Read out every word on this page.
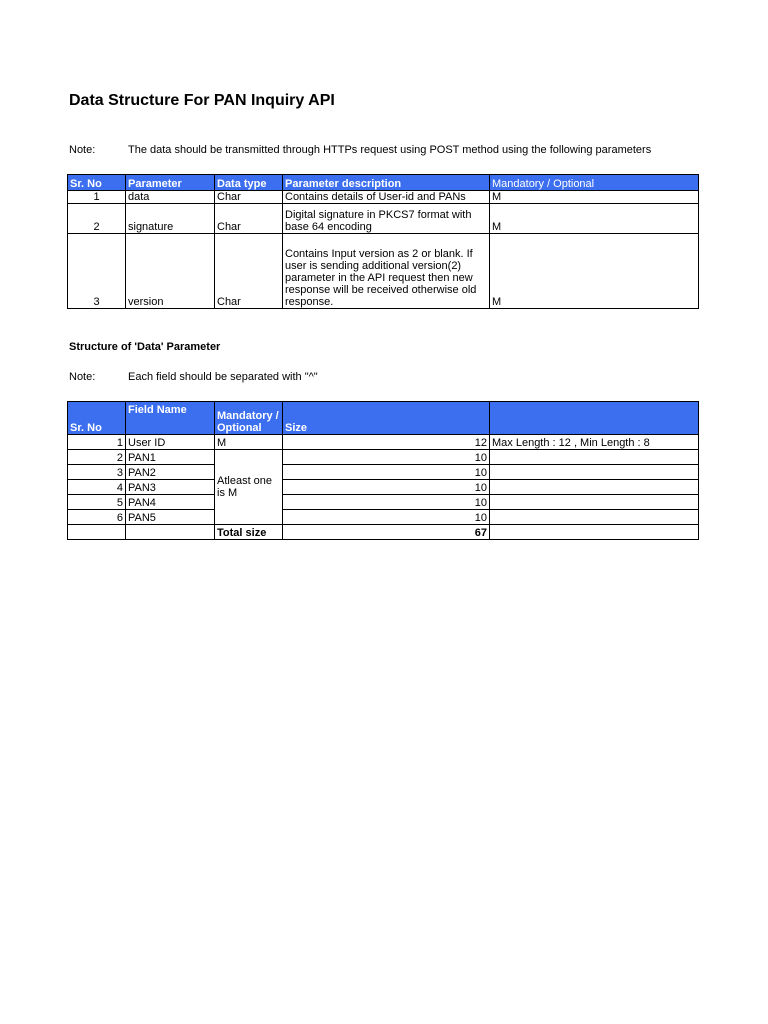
Data Structure For PAN Inquiry API
Note:	The data should be transmitted through HTTPs request using POST method using the following parameters
Sr. No	Parameter	Data type	Parameter description	Mandatory / Optional
1	data	Char	Contains details of User-id and PANs	M
2	signature	Char	Digital signature in PKCS7 format with base 64 encoding	M
3	version	Char	Contains Input version as 2 or blank. If user is sending additional version(2) parameter in the API request then new response will be received otherwise old response.	M
Structure of 'Data' Parameter
Note:	Each field should be separated with "^"
Sr. No	Field Name	Mandatory / Optional	Size	
1	User ID	M	12	Max Length : 12 , Min Length : 8
2	PAN1	Atleast one is M	10	
3	PAN2		10	
4	PAN3		10	
5	PAN4		10	
6	PAN5		10	
		Total size	67	
